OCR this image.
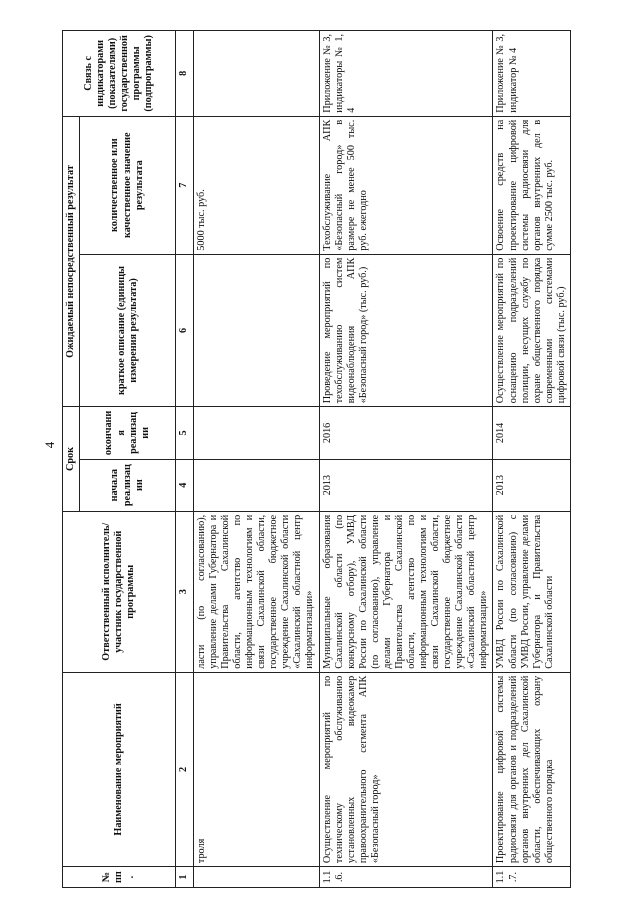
4
№ пп.	Наименование мероприятий	Ответственный исполнитель/ участник государственной программы	Срок		Ожидаемый непосредственный результат		Связь с индикаторами (показателями) государственной программы (подпрограммы)
			начала реализации	окончания реализации	краткое описание (единицы измерения результата)	количественное или качественное значение результата	
1	2	3	4	5	6	7	8
	троля	ласти (по согласованию), управление делами Губернатора и Правительства Сахалинской области, агентство по информационным технологиям и связи Сахалинской области, государственное бюджетное учреждение Сахалинской области «Сахалинский областной центр информатизации»				5000 тыс. руб.	
1.1.6.	Осуществление мероприятий по техническому обслуживанию установленных видеокамер правоохранительного сегмента АПК «Безопасный город»	Муниципальные образования Сахалинской области (по конкурсному отбору), УМВД России по Сахалинской области (по согласованию), управление делами Губернатора и Правительства Сахалинской области, агентство по информационным технологиям и связи Сахалинской области, государственное бюджетное учреждение Сахалинской области «Сахалинский областной центр информатизации»	2013	2016	Проведение мероприятий по техобслуживанию систем видеонаблюдения АПК «Безопасный город» (тыс. руб.)	Техобслуживание АПК «Безопасный город» в размере не менее 500 тыс. руб. ежегодно	Приложение № 3, индикаторы № 1, 4
1.1.7.	Проектирование цифровой системы радиосвязи для органов и подразделений органов внутренних дел Сахалинской области, обеспечивающих охрану общественного порядка	УМВД России по Сахалинской области (по согласованию) с УМВД России, управление делами Губернатора и Правительства Сахалинской области	2013	2014	Осуществление мероприятий по оснащению подразделений полиции, несущих службу по охране общественного порядка современными системами цифровой связи (тыс. руб.)	Освоение средств на проектирование цифровой системы радиосвязи для органов внутренних дел в сумме 2500 тыс. руб.	Приложение № 3, индикатор № 4
